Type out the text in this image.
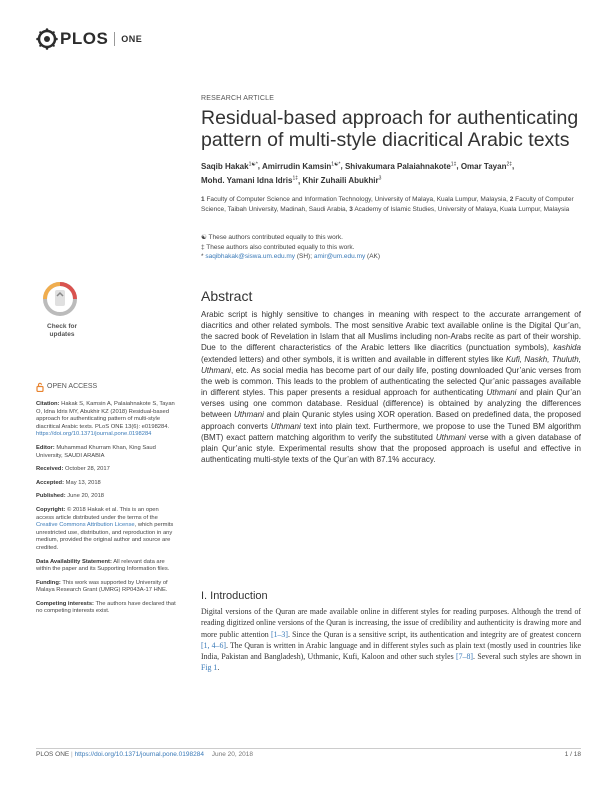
PLOS ONE
RESEARCH ARTICLE
Residual-based approach for authenticating pattern of multi-style diacritical Arabic texts
Saqib Hakak$^{1☯*}$, Amirrudin Kamsin$^{1☯*}$, Shivakumara Palaiahnakote$^{1\ddagger}$, Omar Tayan$^{2\ddagger}$,
Mohd. Yamani Idna Idris$^{1\ddagger}$, Khir Zuhaili Abukhir$^3$
1 Faculty of Computer Science and Information Technology, University of Malaya, Kuala Lumpur, Malaysia, 2 Faculty of Computer Science, Taibah University, Madinah, Saudi Arabia, 3 Academy of Islamic Studies, University of Malaya, Kuala Lumpur, Malaysia
☯ These authors contributed equally to this work.
‡ These authors also contributed equally to this work.
* saqibhakak@siswa.um.edu.my (SH); amir@um.edu.my (AK)
Check for
updates
Abstract
Arabic script is highly sensitive to changes in meaning with respect to the accurate arrangement of diacritics and other related symbols. The most sensitive Arabic text available online is the Digital Qur’an, the sacred book of Revelation in Islam that all Muslims including non-Arabs recite as part of their worship. Due to the different characteristics of the Arabic letters like diacritics (punctuation symbols), kashida (extended letters) and other symbols, it is written and available in different styles like Kufi, Naskh, Thuluth, Uthmani, etc. As social media has become part of our daily life, posting downloaded Qur’anic verses from the web is common. This leads to the problem of authenticating the selected Qur’anic passages available in different styles. This paper presents a residual approach for authenticating Uthmani and plain Qur’an verses using one common database. Residual (difference) is obtained by analyzing the differences between Uthmani and plain Quranic styles using XOR operation. Based on predefined data, the proposed approach converts Uthmani text into plain text. Furthermore, we propose to use the Tuned BM algorithm (BMT) exact pattern matching algorithm to verify the substituted Uthmani verse with a given database of plain Qur’anic style. Experimental results show that the proposed approach is useful and effective in authenticating multi-style texts of the Qur’an with 87.1% accuracy.
OPEN ACCESS
Citation: Hakak S, Kamsin A, Palaiahnakote S, Tayan O, Idna Idris MY, Abukhir KZ (2018) Residual-based approach for authenticating pattern of multi-style diacritical Arabic texts. PLoS ONE 13(6): e0198284. https://doi.org/10.1371/journal.pone.0198284
Editor: Muhammad Khurram Khan, King Saud University, SAUDI ARABIA
Received: October 28, 2017
Accepted: May 13, 2018
Published: June 20, 2018
Copyright: © 2018 Hakak et al. This is an open access article distributed under the terms of the Creative Commons Attribution License, which permits unrestricted use, distribution, and reproduction in any medium, provided the original author and source are credited.
Data Availability Statement: All relevant data are within the paper and its Supporting Information files.
Funding: This work was supported by University of Malaya Research Grant (UMRG) RP043A-17 HNE.
Competing interests: The authors have declared that no competing interests exist.
I. Introduction
Digital versions of the Quran are made available online in different styles for reading purposes. Although the trend of reading digitized online versions of the Quran is increasing, the issue of credibility and authenticity is drawing more and more public attention [1–3]. Since the Quran is a sensitive script, its authentication and integrity are of greatest concern [1, 4–6]. The Quran is written in Arabic language and in different styles such as plain text (mostly used in countries like India, Pakistan and Bangladesh), Uthmanic, Kufi, Kaloon and other such styles [7–8]. Several such styles are shown in Fig 1.
PLOS ONE | https://doi.org/10.1371/journal.pone.0198284 June 20, 2018	1 / 18
